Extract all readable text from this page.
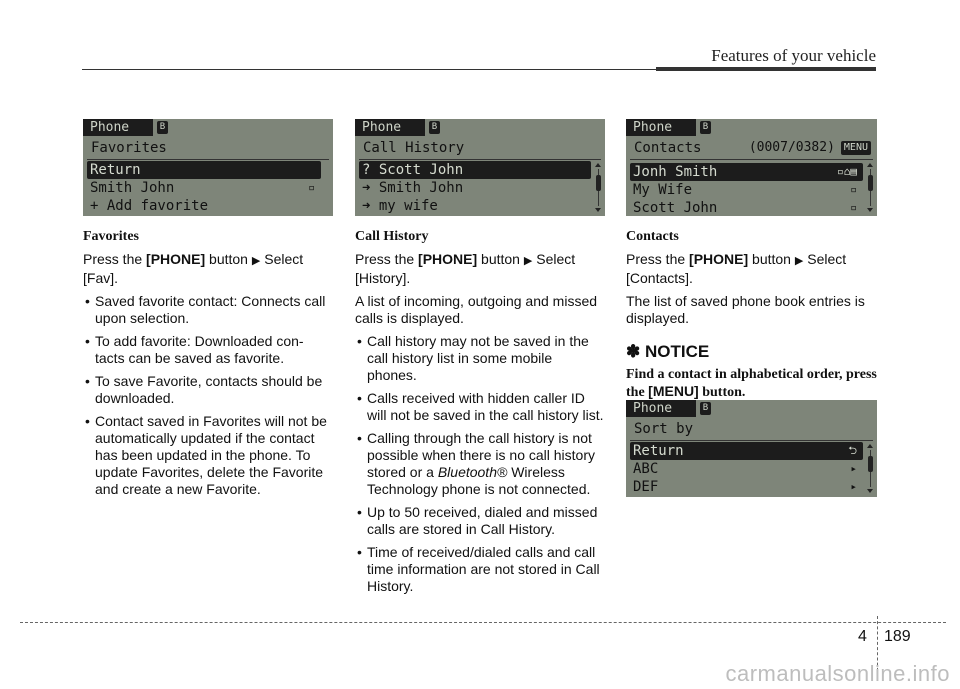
Features of your vehicle
Phone	B
Favorites
Return
Smith John	▫
+ Add favorite
Phone	B
Call History
? Scott John
➜ Smith John
➜ my wife
Phone	B
Contacts	(0007/0382) MENU
Jonh Smith	▫⌂▤
My Wife	▫
Scott John	▫
Phone	B
Sort by
Return	⮌
ABC	▸
DEF	▸
Favorites

Press the [PHONE] button ▶ Select [Fav].

• Saved favorite contact: Connects call upon selection.
• To add favorite: Downloaded con-tacts can be saved as favorite.
• To save Favorite, contacts should be downloaded.
• Contact saved in Favorites will not be automatically updated if the contact has been updated in the phone. To update Favorites, delete the Favorite and create a new Favorite.
Call History

Press the [PHONE] button ▶ Select [History].

A list of incoming, outgoing and missed calls is displayed.

• Call history may not be saved in the call history list in some mobile phones.
• Calls received with hidden caller ID will not be saved in the call history list.
• Calling through the call history is not possible when there is no call history stored or a Bluetooth® Wireless Technology phone is not connected.
• Up to 50 received, dialed and missed calls are stored in Call History.
• Time of received/dialed calls and call time information are not stored in Call History.
Contacts

Press the [PHONE] button ▶ Select [Contacts].

The list of saved phone book entries is displayed.

✽ NOTICE

Find a contact in alphabetical order, press the [MENU] button.

4 189
carmanualsonline.info
